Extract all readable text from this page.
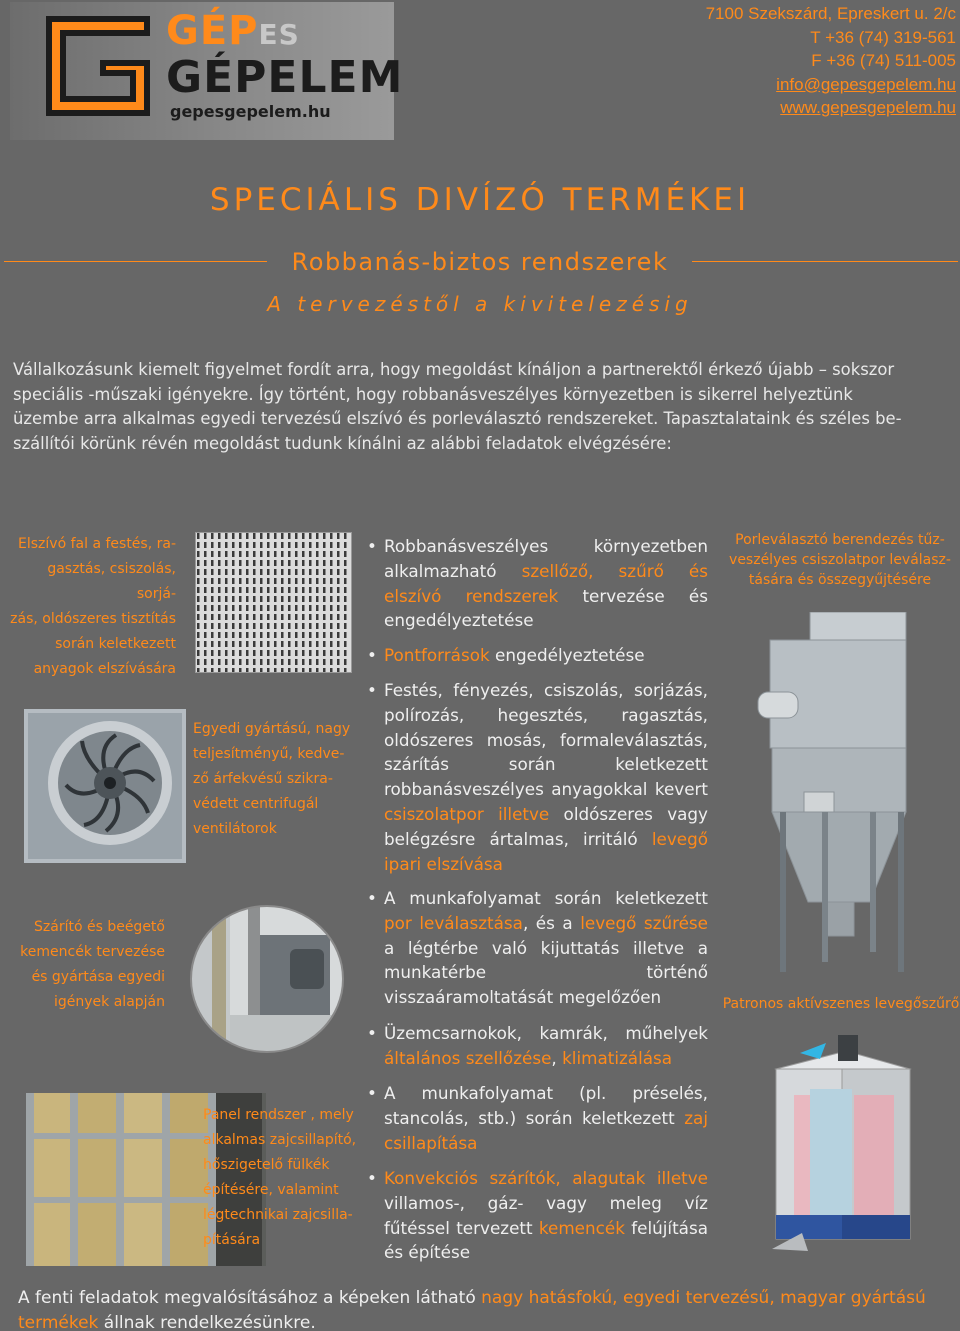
GÉPES
GÉPELEM
gepesgepelem.hu
7100 Szekszárd, Epreskert u. 2/c
T +36 (74) 319-561
F +36 (74) 511-005
info@gepesgepelem.hu
www.gepesgepelem.hu
SPECIÁLIS DIVÍZÓ TERMÉKEI
Robbanás-biztos rendszerek
A tervezéstől a kivitelezésig
Vállalkozásunk kiemelt figyelmet fordít arra, hogy megoldást kínáljon a partnerektől érkező újabb – sokszor
speciális -műszaki igényekre. Így történt, hogy robbanásveszélyes környezetben is sikerrel helyeztünk
üzembe arra alkalmas egyedi tervezésű elszívó és porleválasztó rendszereket. Tapasztalataink és széles be-
szállítói körünk révén megoldást tudunk kínálni az alábbi feladatok elvégzésére:
Elszívó fal a festés, ra-
gasztás, csiszolás, sorjá-
zás, oldószeres tisztítás
során keletkezett
anyagok elszívására
Egyedi gyártású, nagy
teljesítményű, kedve-
ző árfekvésű szikra-
védett centrifugál
ventilátorok
Szárító és beégető
kemencék tervezése
és gyártása egyedi
igények alapján
Panel rendszer , mely
alkalmas zajcsillapító,
hőszigetelő fülkék
építésére, valamint
légtechnikai zajcsilla-
pítására
• Robbanásveszélyes környezetben alkalmazható szellőző, szűrő és elszívó rendszerek tervezése és engedélyeztetése
• Pontforrások engedélyeztetése
• Festés, fényezés, csiszolás, sorjázás, polírozás, hegesztés, ragasztás, oldószeres mosás, formaleválasztás, szárítás során keletkezett robbanásveszélyes anyagokkal kevert csiszolatpor illetve oldószeres vagy belégzésre ártalmas, irritáló levegő ipari elszívása
• A munkafolyamat során keletkezett por leválasztása, és a levegő szűrése a légtérbe való kijuttatás illetve a munkatérbe történő visszaáramoltatását megelőzően
• Üzemcsarnokok, kamrák, műhelyek általános szellőzése, klimatizálása
• A munkafolyamat (pl. préselés, stancolás, stb.) során keletkezett zaj csillapítása
• Konvekciós szárítók, alagutak illetve villamos-, gáz- vagy meleg víz fűtéssel tervezett kemencék felújítása és építése
Porleválasztó berendezés tűz-
veszélyes csiszolatpor leválasz-
tására és összegyűjtésére
Patronos aktívszenes levegőszűrő
A fenti feladatok megvalósításához a képeken látható nagy hatásfokú, egyedi tervezésű, magyar gyártású termékek állnak rendelkezésünkre.
